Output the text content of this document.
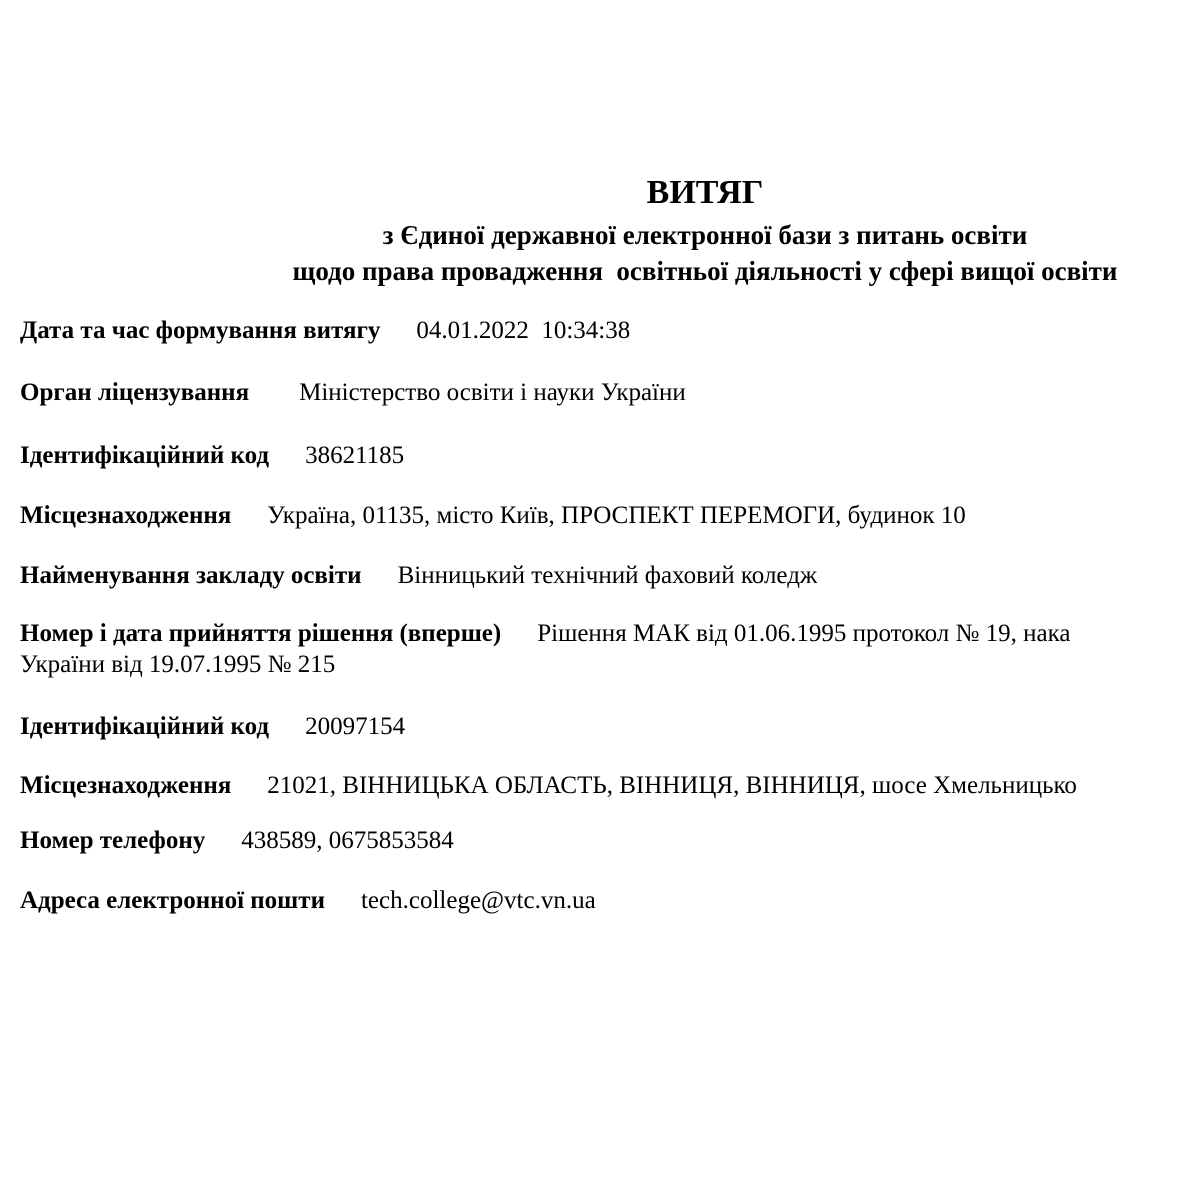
ВИТЯГ
з Єдиної державної електронної бази з питань освіти
щодо права провадження  освітньої діяльності у сфері вищої освіти
Дата та час формування витягу 04.01.2022  10:34:38
Орган ліцензування Міністерство освіти і науки України
Ідентифікаційний код 38621185
Місцезнаходження Україна, 01135, місто Київ, ПРОСПЕКТ ПЕРЕМОГИ, будинок 10
Найменування закладу освіти Вінницький технічний фаховий коледж
Номер і дата прийняття рішення (вперше) Рішення МАК від 01.06.1995 протокол № 19, нака
України від 19.07.1995 № 215
Ідентифікаційний код 20097154
Місцезнаходження 21021, ВІННИЦЬКА ОБЛАСТЬ, ВІННИЦЯ, ВІННИЦЯ, шосе Хмельницько
Номер телефону 438589, 0675853584
Адреса електронної пошти tech.college@vtc.vn.ua
